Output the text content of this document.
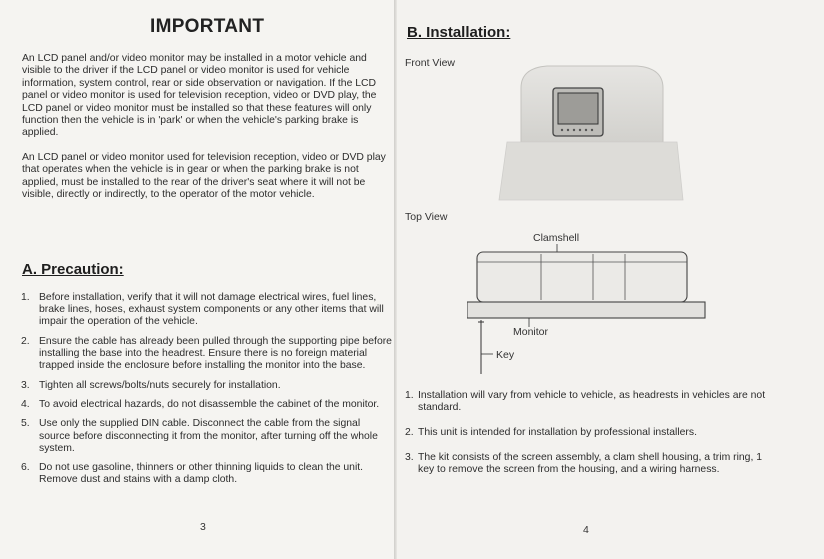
IMPORTANT

An LCD panel and/or video monitor may be installed in a motor vehicle and visible to the driver if the LCD panel or video monitor is used for vehicle information, system control, rear or side observation or navigation. If the LCD panel or video monitor is used for television reception, video or DVD play, the LCD panel or video monitor must be installed so that these features will only function then the vehicle is in 'park' or when the vehicle's parking brake is applied.

An LCD panel or video monitor used for television reception, video or DVD play that operates when the vehicle is in gear or when the parking brake is not applied, must be installed to the rear of the driver's seat where it will not be visible, directly or indirectly, to the operator of the motor vehicle.

A. Precaution:
1. Before installation, verify that it will not damage electrical wires, fuel lines, brake lines, hoses, exhaust system components or any other items that will impair the operation of the vehicle.
2. Ensure the cable has already been pulled through the supporting pipe before installing the base into the headrest. Ensure there is no foreign material trapped inside the enclosure before installing the monitor into the base.
3. Tighten all screws/bolts/nuts securely for installation.
4. To avoid electrical hazards, do not disassemble the cabinet of the monitor.
5. Use only the supplied DIN cable. Disconnect the cable from the signal source before disconnecting it from the monitor, after turning off the whole system.
6. Do not use gasoline, thinners or other thinning liquids to clean the unit. Remove dust and stains with a damp cloth.
3
B. Installation:
Front View
Top View
Clamshell
Monitor
Key
1. Installation will vary from vehicle to vehicle, as headrests in vehicles are not standard.
2. This unit is intended for installation by professional installers.
3. The kit consists of the screen assembly, a clam shell housing, a trim ring, 1 key to remove the screen from the housing, and a wiring harness.
4
